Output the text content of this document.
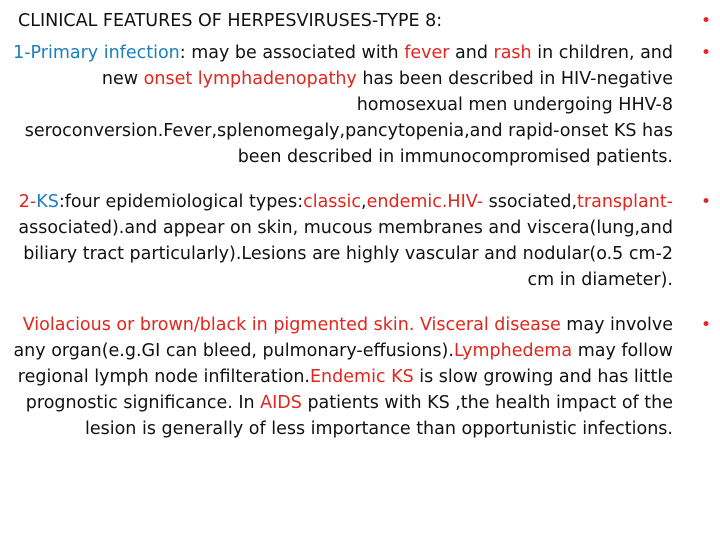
CLINICAL FEATURES OF HERPESVIRUSES-TYPE 8:	•
•
•
•
1-Primary infection: may be associated with fever and rash in children, and new onset lymphadenopathy has been described in HIV-negative homosexual men undergoing HHV-8 seroconversion.Fever,splenomegaly,pancytopenia,and rapid-onset KS has been described in immunocompromised patients.
2-KS:four epidemiological types:classic,endemic.HIV- ssociated,transplant- associated).and appear on skin, mucous membranes and viscera(lung,and biliary tract particularly).Lesions are highly vascular and nodular(o.5 cm-2 cm in diameter).
Violacious or brown/black in pigmented skin. Visceral disease may involve any organ(e.g.GI can bleed, pulmonary-effusions).Lymphedema may follow regional lymph node infilteration.Endemic KS is slow growing and has little prognostic significance. In AIDS patients with KS ,the health impact of the lesion is generally of less importance than opportunistic infections.
